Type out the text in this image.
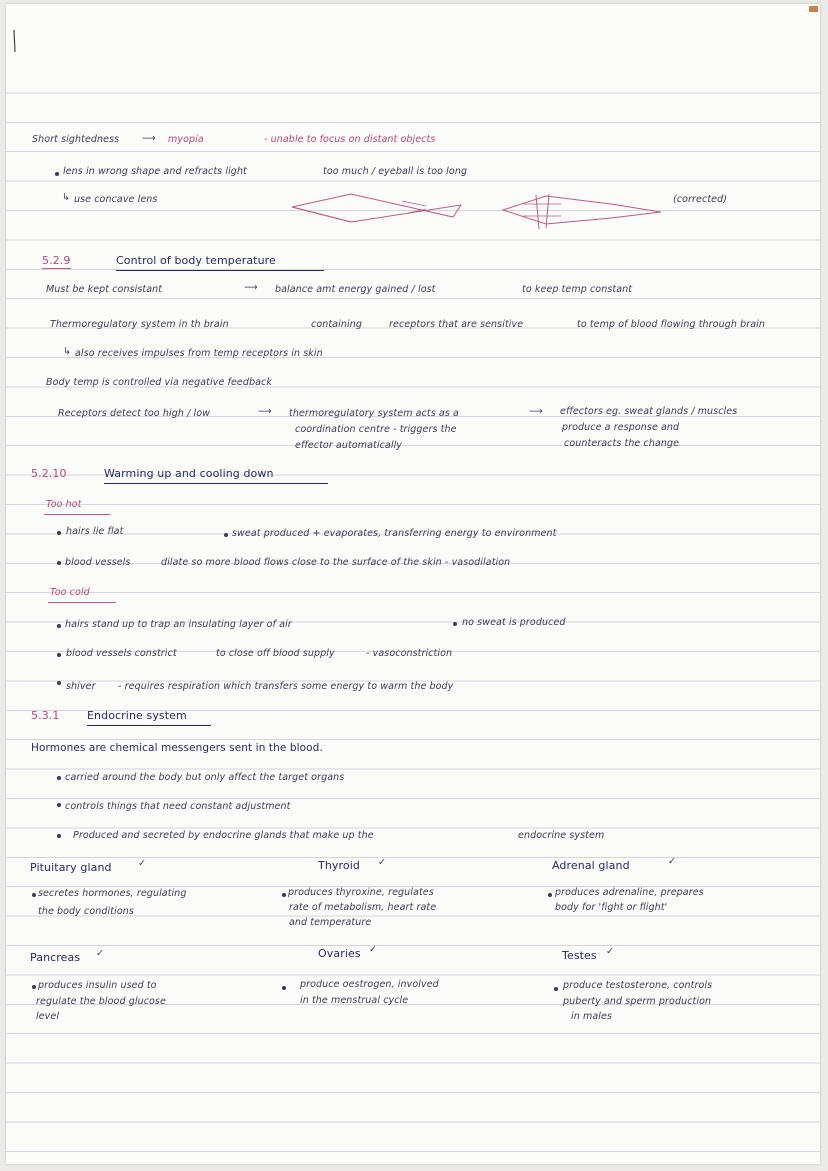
Short sightedness ⟶ myopia	- unable to focus on distant objects
lens in wrong shape and refracts light	too much / eyeball is too long
↳ use concave lens	(corrected)
5.2.9	Control of body temperature
Must be kept consistant	⟶ balance amt energy gained / lost	to keep temp constant
Thermoregulatory system in th brain	containing	receptors that are sensitive	to temp of blood flowing through brain
↳ also receives impulses from temp receptors in skin
Body temp is controlled via negative feedback
Receptors detect too high / low	⟶ thermoregulatory system acts as a
coordination centre - triggers the
effector automatically
⟶ effectors eg. sweat glands / muscles
produce a response and
counteracts the change
5.2.10	Warming up and cooling down
Too hot
hairs lie flat	sweat produced + evaporates, transferring energy to environment
blood vessels	dilate so more blood flows close to the surface of the skin - vasodilation
Too cold
hairs stand up to trap an insulating layer of air	no sweat is produced
blood vessels constrict	to close off blood supply	- vasoconstriction
shiver - requires respiration which transfers some energy to warm the body
5.3.1	Endocrine system
Hormones are chemical messengers sent in the blood.
carried around the body but only affect the target organs
controls things that need constant adjustment
Produced and secreted by endocrine glands that make up the	endocrine system
Pituitary gland	✓
secretes hormones, regulating
the body conditions
Thyroid ✓
produces thyroxine, regulates
rate of metabolism, heart rate
and temperature
Adrenal gland	✓
produces adrenaline, prepares
body for 'fight or flight'
Pancreas ✓
produces insulin used to
regulate the blood glucose
level
Ovaries ✓
produce oestrogen, involved
in the menstrual cycle
Testes ✓
produce testosterone, controls
puberty and sperm production
in males
